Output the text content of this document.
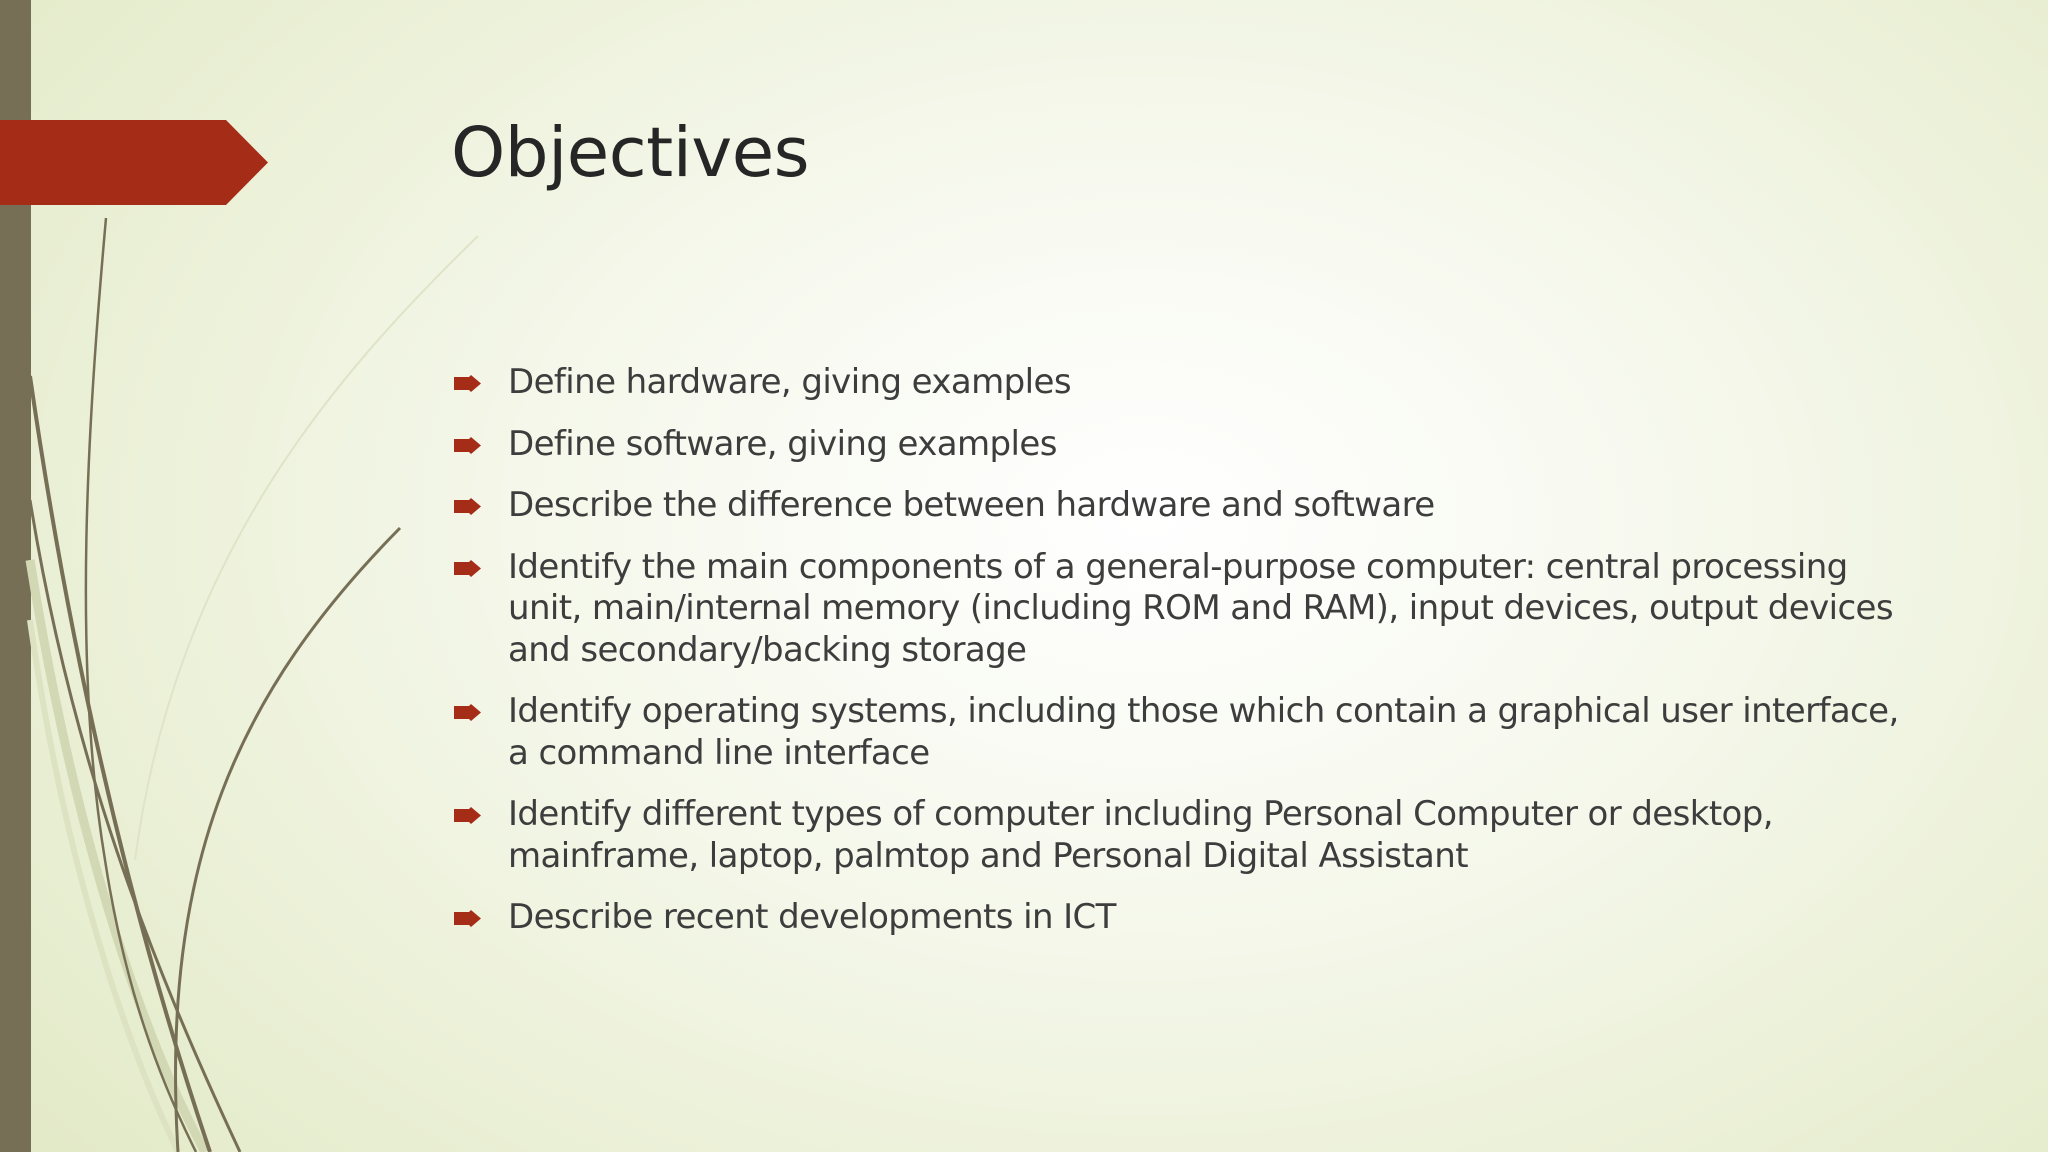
Objectives
Define hardware, giving examples
Define software, giving examples
Describe the difference between hardware and software
Identify the main components of a general-purpose computer: central processing unit, main/internal memory (including ROM and RAM), input devices, output devices and secondary/backing storage
Identify operating systems, including those which contain a graphical user interface, a command line interface
Identify different types of computer including Personal Computer or desktop, mainframe, laptop, palmtop and Personal Digital Assistant
Describe recent developments in ICT
